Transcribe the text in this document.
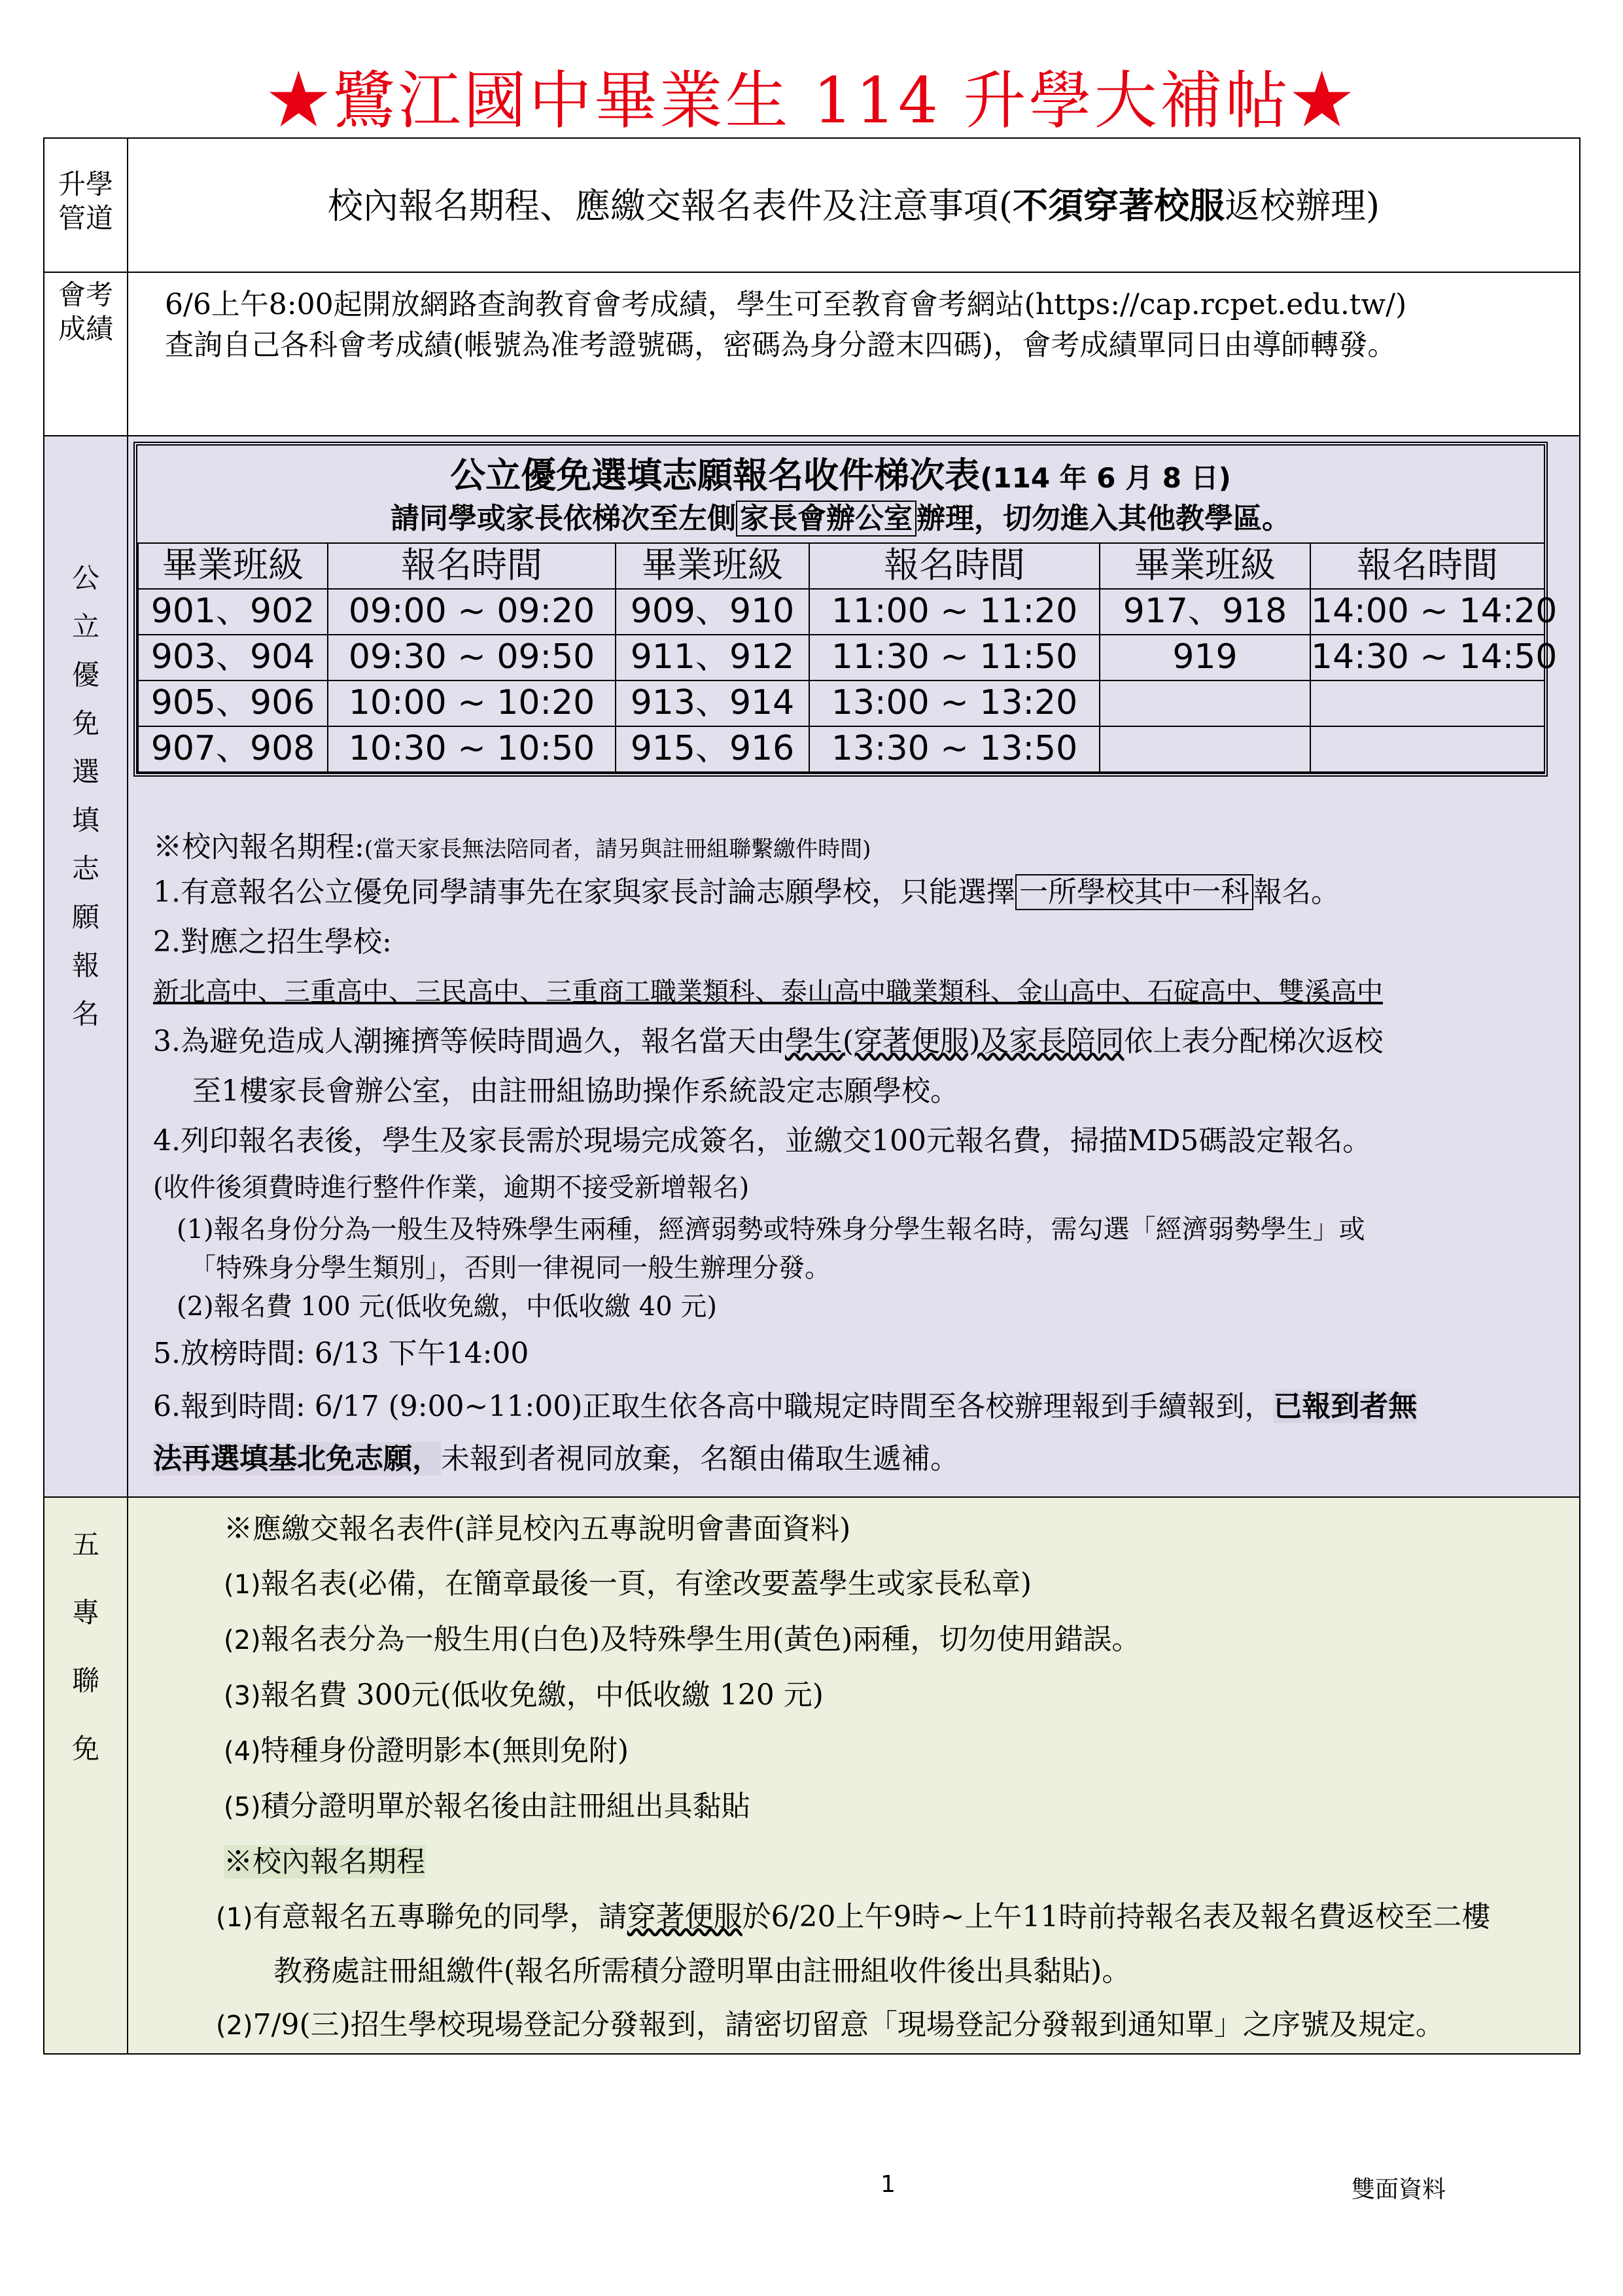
★鷺江國中畢業生 114 升學大補帖★
升學
管道	校內報名期程、應繳交報名表件及注意事項(不須穿著校服返校辦理)

會考
成績

6/6上午8:00起開放網路查詢教育會考成績，學生可至教育會考網站(https://cap.rcpet.edu.tw/)
查詢自己各科會考成績(帳號為准考證號碼，密碼為身分證末四碼)，會考成績單同日由導師轉發。

公
立
優
免
選
填
志
願
報
名

公立優免選填志願報名收件梯次表(114 年 6 月 8 日)
請同學或家長依梯次至左側 家長會辦公室 辦理，切勿進入其他教學區。
畢業班級	報名時間	畢業班級	報名時間	畢業班級	報名時間
901、902	09:00 ~ 09:20	909、910	11:00 ~ 11:20	917、918	14:00 ~ 14:20
903、904	09:30 ~ 09:50	911、912	11:30 ~ 11:50	919	14:30 ~ 14:50
905、906	10:00 ~ 10:20	913、914	13:00 ~ 13:20		
907、908	10:30 ~ 10:50	915、916	13:30 ~ 13:50		
※校內報名期程:(當天家長無法陪同者，請另與註冊組聯繫繳件時間)
1.有意報名公立優免同學請事先在家與家長討論志願學校，只能選擇 一所學校其中一科 報名。
2.對應之招生學校:
新北高中、三重高中、三民高中、三重商工職業類科、泰山高中職業類科、金山高中、石碇高中、雙溪高中
3.為避免造成人潮擁擠等候時間過久，報名當天由學生(穿著便服)及家長陪同依上表分配梯次返校
至1樓家長會辦公室，由註冊組協助操作系統設定志願學校。
4.列印報名表後，學生及家長需於現場完成簽名，並繳交100元報名費，掃描MD5碼設定報名。
(收件後須費時進行整件作業，逾期不接受新增報名)
(1)報名身份分為一般生及特殊學生兩種，經濟弱勢或特殊身分學生報名時，需勾選「經濟弱勢學生」或
「特殊身分學生類別」，否則一律視同一般生辦理分發。
(2)報名費 100 元(低收免繳，中低收繳 40 元)
5.放榜時間: 6/13 下午14:00
6.報到時間: 6/17 (9:00~11:00)正取生依各高中職規定時間至各校辦理報到手續報到，已報到者無
法再選填基北免志願，未報到者視同放棄，名額由備取生遞補。

五
專
聯
免

※應繳交報名表件(詳見校內五專說明會書面資料)
(1)報名表(必備，在簡章最後一頁，有塗改要蓋學生或家長私章)
(2)報名表分為一般生用(白色)及特殊學生用(黃色)兩種，切勿使用錯誤。
(3)報名費 300元(低收免繳，中低收繳 120 元)
(4)特種身份證明影本(無則免附)
(5)積分證明單於報名後由註冊組出具黏貼
※校內報名期程
(1)有意報名五專聯免的同學，請穿著便服於6/20上午9時~上午11時前持報名表及報名費返校至二樓
教務處註冊組繳件(報名所需積分證明單由註冊組收件後出具黏貼)。
(2)7/9(三)招生學校現場登記分發報到，請密切留意「現場登記分發報到通知單」之序號及規定。
1	雙面資料
